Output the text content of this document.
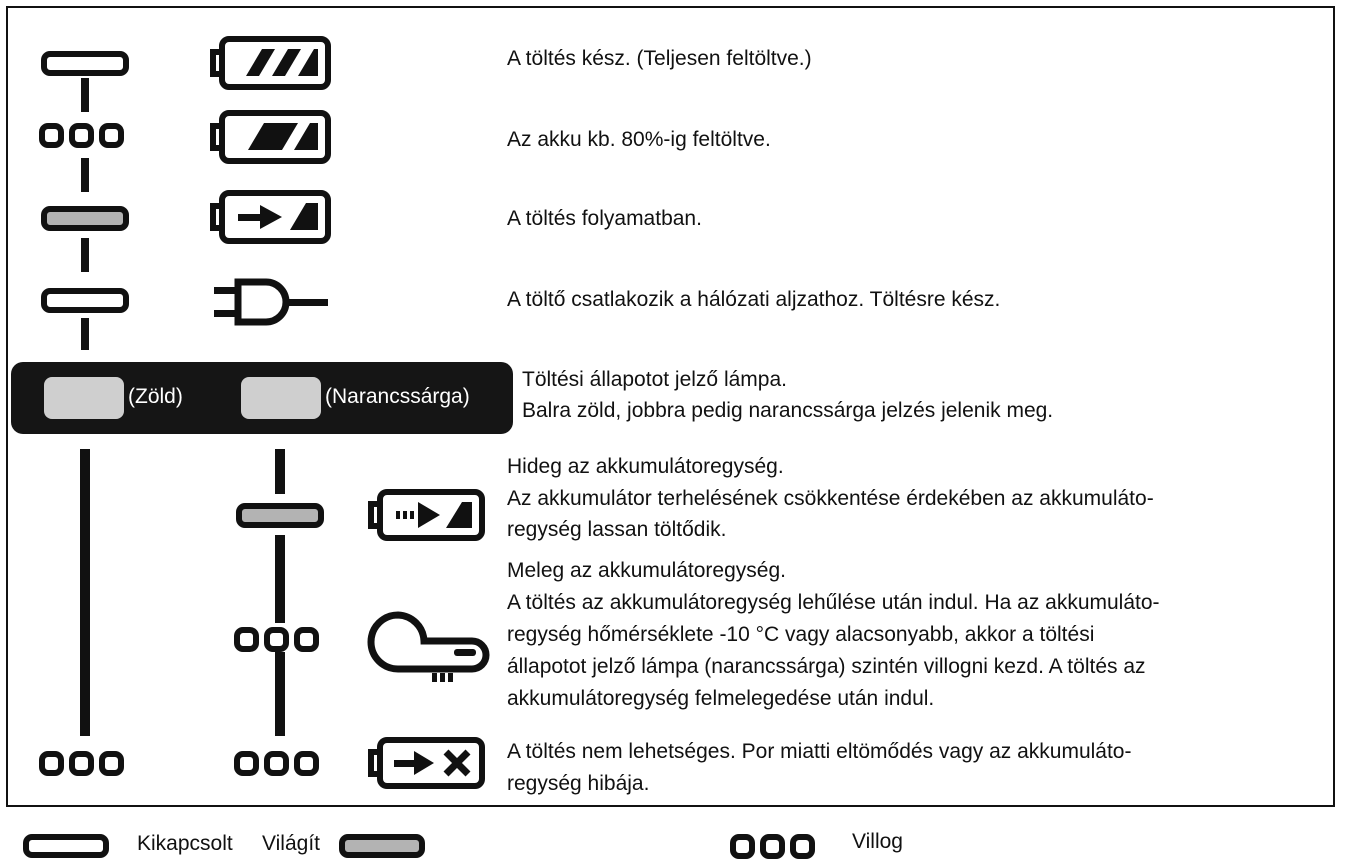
A töltés kész. (Teljesen feltöltve.)
Az akku kb. 80%-ig feltöltve.
A töltés folyamatban.
A töltő csatlakozik a hálózati aljzathoz. Töltésre kész.
(Zöld)	(Narancssárga)
Töltési állapotot jelző lámpa.
Balra zöld, jobbra pedig narancssárga jelzés jelenik meg.
Hideg az akkumulátoregység.
Az akkumulátor terhelésének csökkentése érdekében az akkumuláto-
regység lassan töltődik.
Meleg az akkumulátoregység.
A töltés az akkumulátoregység lehűlése után indul. Ha az akkumuláto-
regység hőmérséklete -10 °C vagy alacsonyabb, akkor a töltési
állapotot jelző lámpa (narancssárga) szintén villogni kezd. A töltés az
akkumulátoregység felmelegedése után indul.
A töltés nem lehetséges. Por miatti eltömődés vagy az akkumuláto-
regység hibája.
Kikapcsolt Világít	Villog
